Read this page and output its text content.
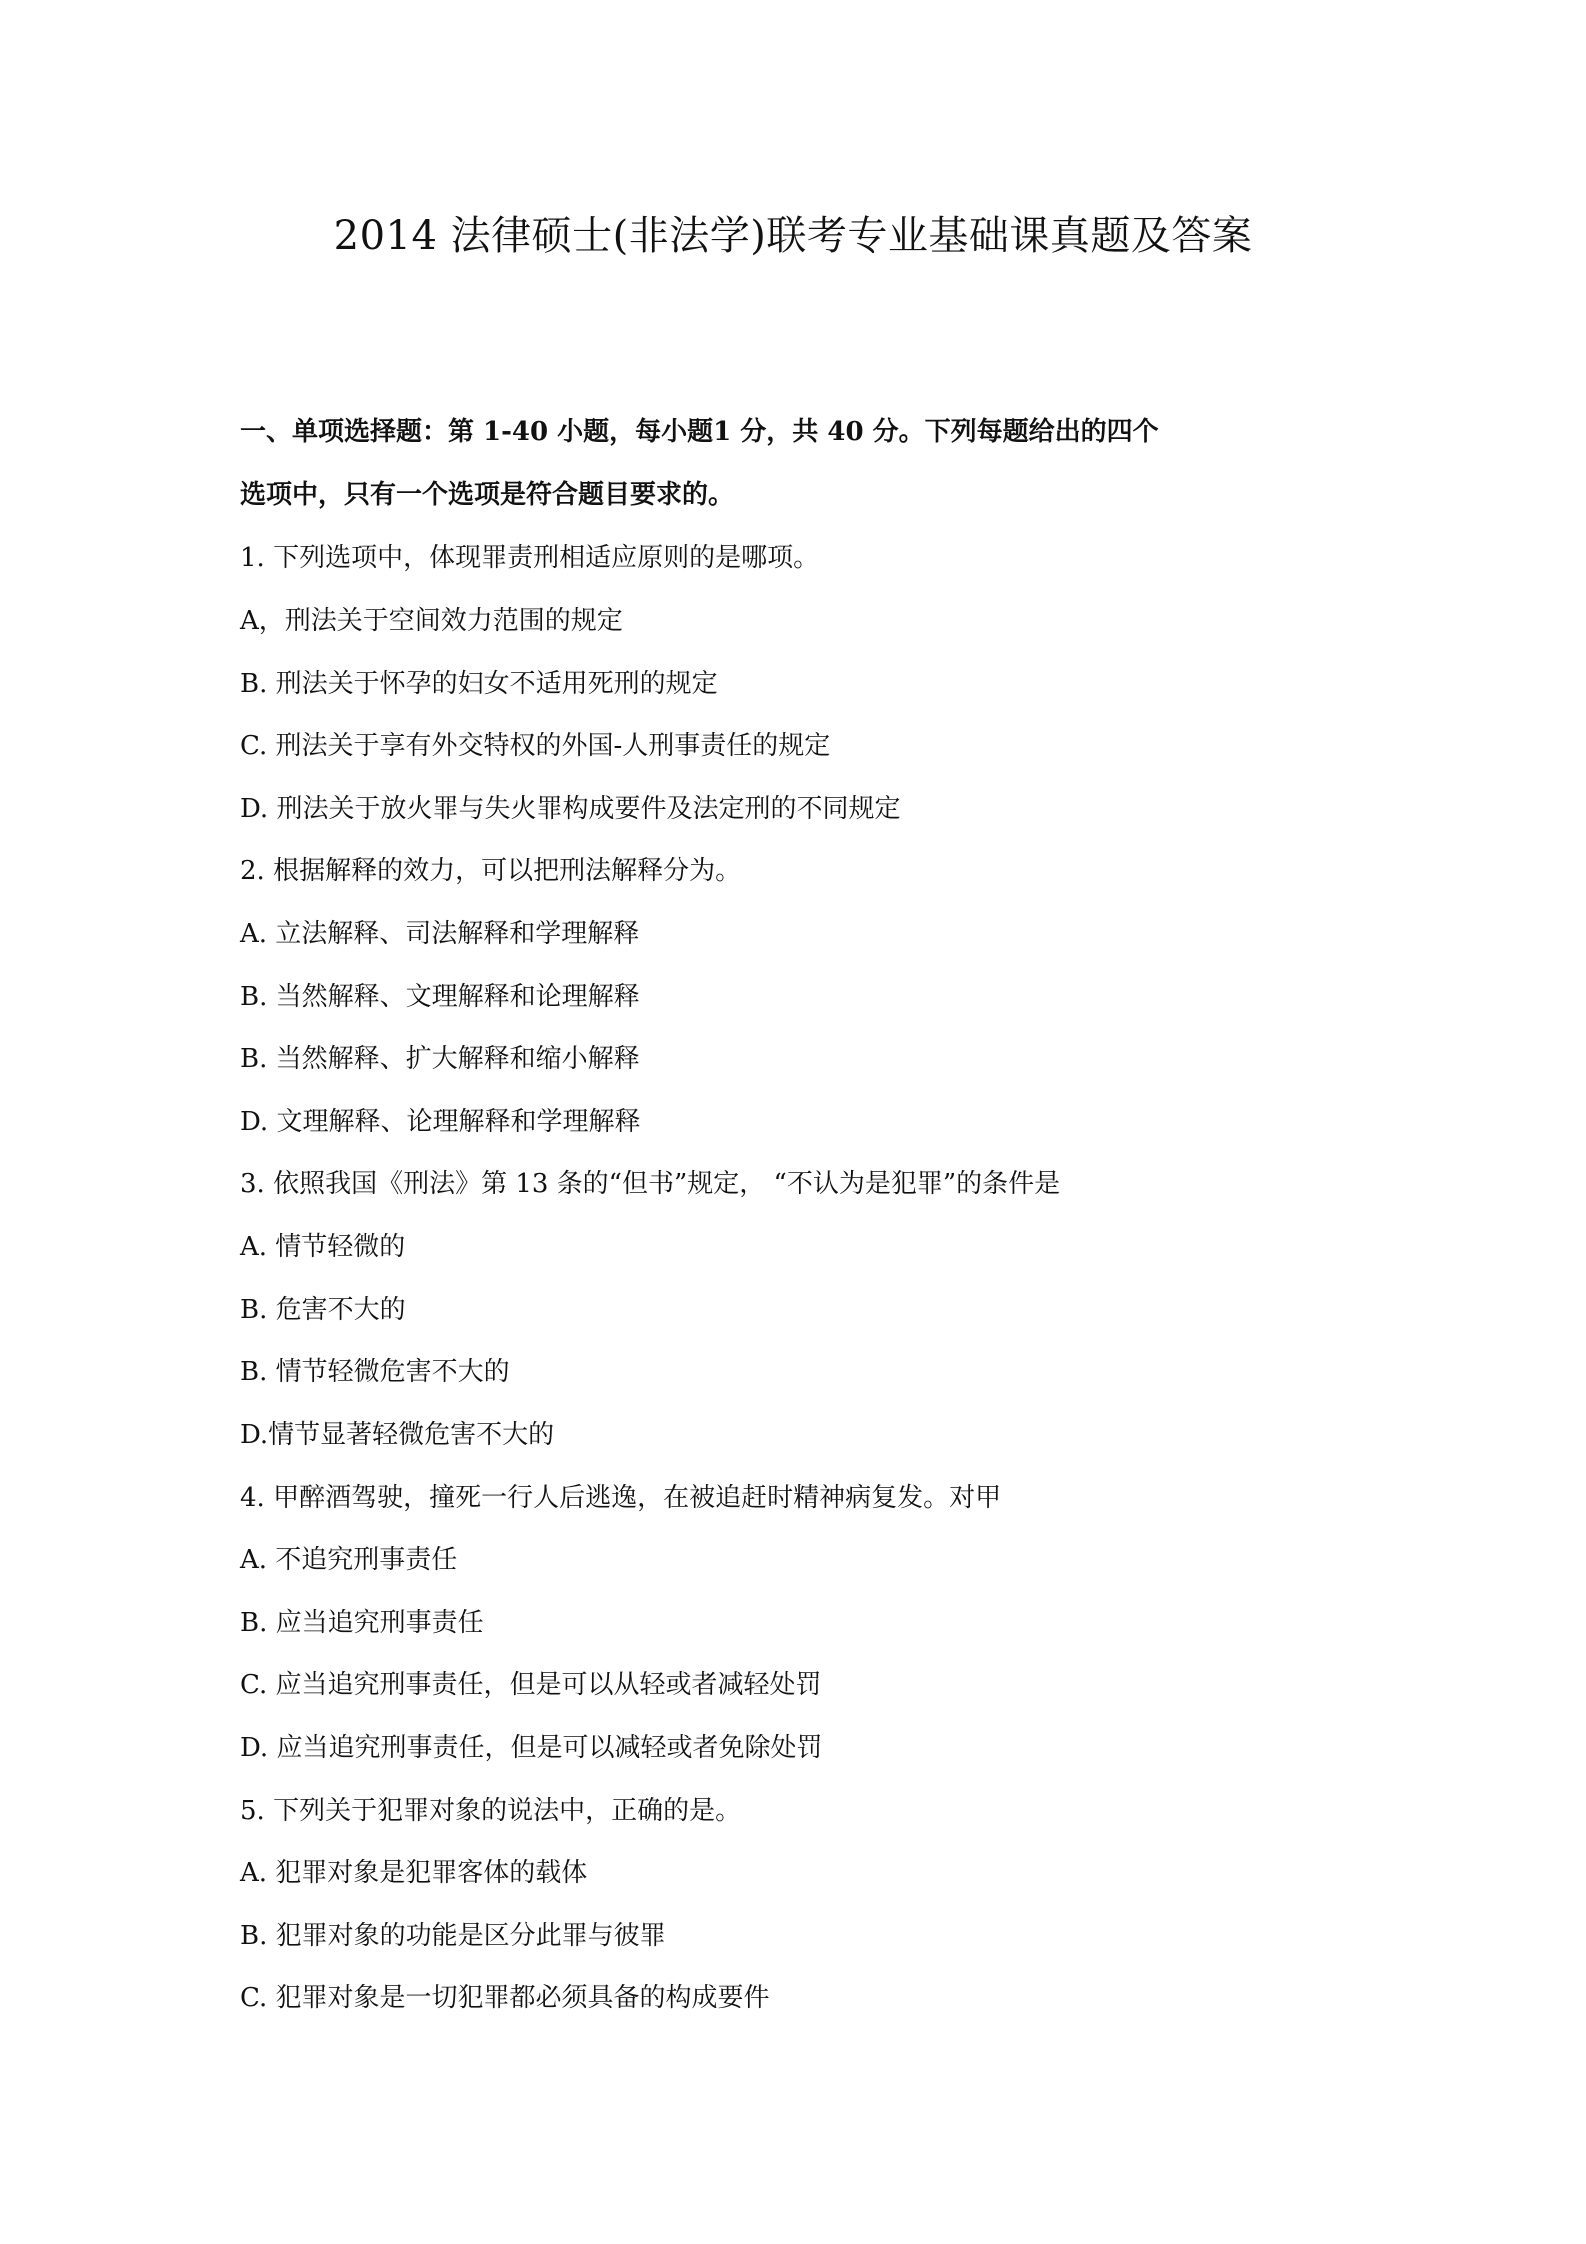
2014 法律硕士(非法学)联考专业基础课真题及答案
一、单项选择题：第 1-40 小题，每小题1 分，共 40 分。下列每题给出的四个
选项中，只有一个选项是符合题目要求的。
1. 下列选项中，体现罪责刑相适应原则的是哪项。
A，刑法关于空间效力范围的规定
B. 刑法关于怀孕的妇女不适用死刑的规定
C. 刑法关于享有外交特权的外国-人刑事责任的规定
D. 刑法关于放火罪与失火罪构成要件及法定刑的不同规定
2. 根据解释的效力，可以把刑法解释分为。
A. 立法解释、司法解释和学理解释
B. 当然解释、文理解释和论理解释
B. 当然解释、扩大解释和缩小解释
D. 文理解释、论理解释和学理解释
3. 依照我国《刑法》第 13 条的“但书”规定， “不认为是犯罪”的条件是
A. 情节轻微的
B. 危害不大的
B. 情节轻微危害不大的
D.情节显著轻微危害不大的
4. 甲醉酒驾驶，撞死一行人后逃逸，在被追赶时精神病复发。对甲
A. 不追究刑事责任
B. 应当追究刑事责任
C. 应当追究刑事责任，但是可以从轻或者减轻处罚
D. 应当追究刑事责任，但是可以减轻或者免除处罚
5. 下列关于犯罪对象的说法中，正确的是。
A. 犯罪对象是犯罪客体的载体
B. 犯罪对象的功能是区分此罪与彼罪
C. 犯罪对象是一切犯罪都必须具备的构成要件
